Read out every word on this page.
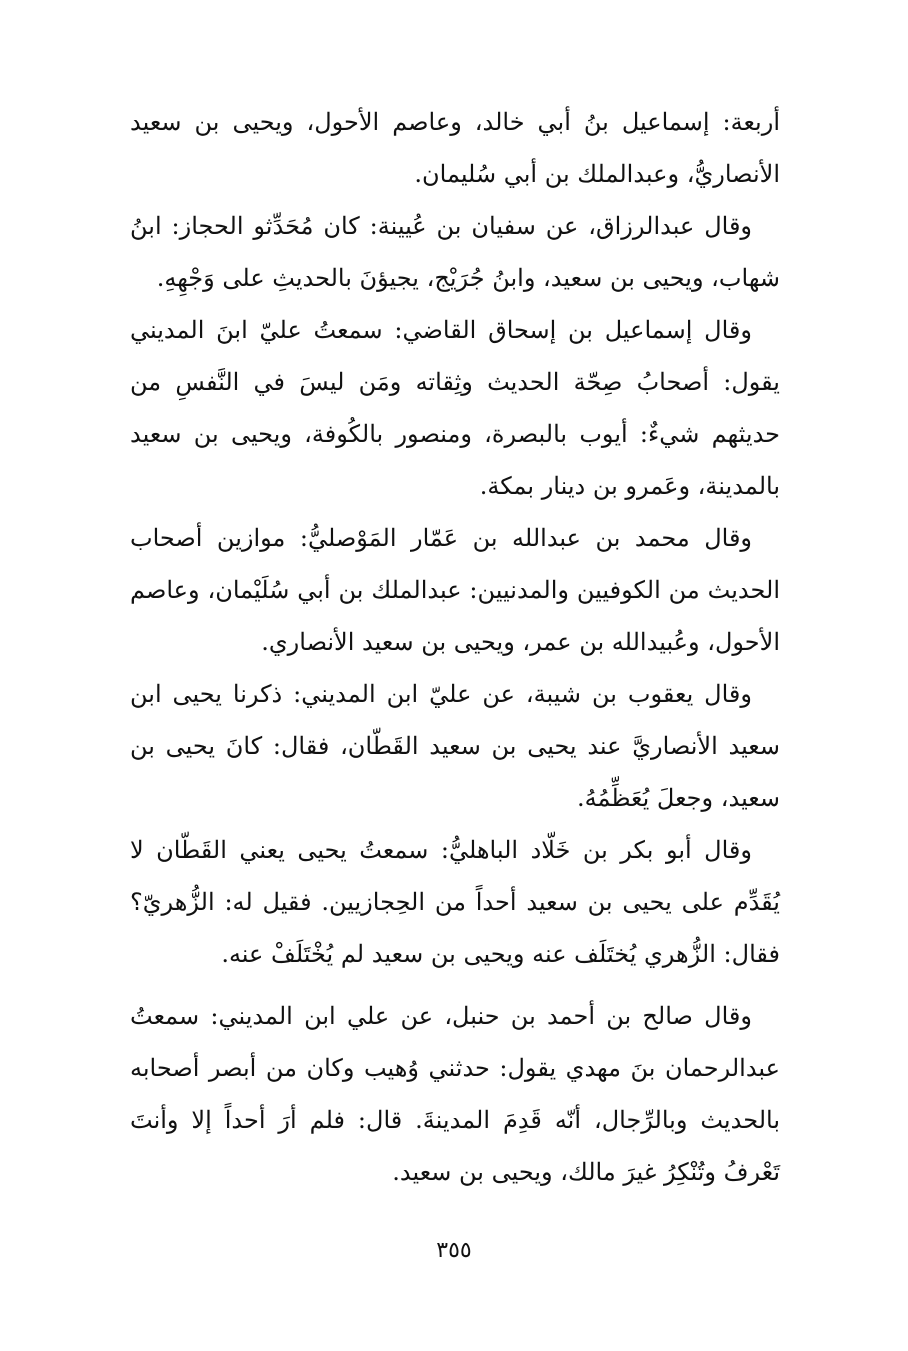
أربعة: إسماعيل بنُ أبي خالد، وعاصم الأحول، ويحيى بن سعيد الأنصاريُّ، وعبدالملك بن أبي سُليمان.

وقال عبدالرزاق، عن سفيان بن عُيينة: كان مُحَدِّثو الحجاز: ابنُ شهاب، ويحيى بن سعيد، وابنُ جُرَيْج، يجيؤنَ بالحديثِ على وَجْهِهِ.

وقال إسماعيل بن إسحاق القاضي: سمعتُ عليّ ابنَ المديني يقول: أصحابُ صِحّة الحديث وثِقاته ومَن ليسَ في النَّفسِ من حديثهم شيءٌ: أيوب بالبصرة، ومنصور بالكُوفة، ويحيى بن سعيد بالمدينة، وعَمرو بن دينار بمكة.

وقال محمد بن عبدالله بن عَمّار المَوْصليُّ: موازين أصحاب الحديث من الكوفيين والمدنيين: عبدالملك بن أبي سُلَيْمان، وعاصم الأحول، وعُبيدالله بن عمر، ويحيى بن سعيد الأنصاري.

وقال يعقوب بن شيبة، عن عليّ ابن المديني: ذكرنا يحيى ابن سعيد الأنصاريَّ عند يحيى بن سعيد القَطّان، فقال: كانَ يحيى بن سعيد، وجعلَ يُعَظِّمُهُ.

وقال أبو بكر بن خَلّاد الباهليُّ: سمعتُ يحيى يعني القَطّان لا يُقَدِّم على يحيى بن سعيد أحداً من الحِجازيين. فقيل له: الزُّهريّ؟ فقال: الزُّهري يُختَلَف عنه ويحيى بن سعيد لم يُخْتَلَفْ عنه.

وقال صالح بن أحمد بن حنبل، عن علي ابن المديني: سمعتُ عبدالرحمان بنَ مهدي يقول: حدثني وُهيب وكان من أبصر أصحابه بالحديث وبالرِّجال، أنّه قَدِمَ المدينةَ. قال: فلم أرَ أحداً إلا وأنتَ تَعْرفُ وتُنْكِرُ غيرَ مالك، ويحيى بن سعيد.

٣٥٥
